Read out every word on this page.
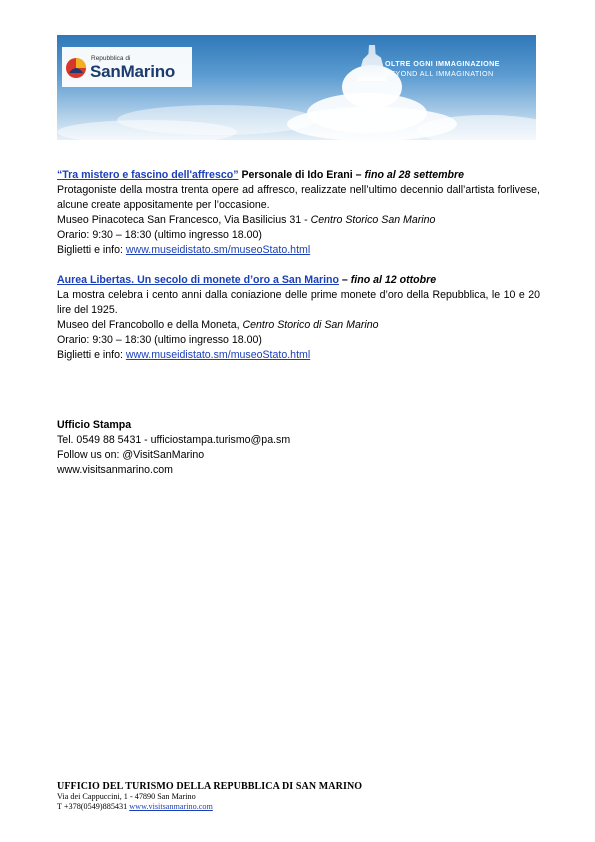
Repubblica di
SanMarino	OLTRE OGNI IMMAGINAZIONE
BEYOND ALL IMMAGINATION

“Tra mistero e fascino dell'affresco” Personale di Ido Erani – fino al 28 settembre

Protagoniste della mostra trenta opere ad affresco, realizzate nell’ultimo decennio dall’artista forlivese, alcune create appositamente per l’occasione.

Museo Pinacoteca San Francesco, Via Basilicius 31 - Centro Storico San Marino

Orario: 9:30 – 18:30 (ultimo ingresso 18.00)

Biglietti e info: www.museidistato.sm/museoStato.html

Aurea Libertas. Un secolo di monete d’oro a San Marino – fino al 12 ottobre

La mostra celebra i cento anni dalla coniazione delle prime monete d’oro della Repubblica, le 10 e 20 lire del 1925.

Museo del Francobollo e della Moneta, Centro Storico di San Marino

Orario: 9:30 – 18:30 (ultimo ingresso 18.00)

Biglietti e info: www.museidistato.sm/museoStato.html

Ufficio Stampa

Tel. 0549 88 5431 - ufficiostampa.turismo@pa.sm

Follow us on: @VisitSanMarino

www.visitsanmarino.com

UFFICIO DEL TURISMO DELLA REPUBBLICA DI SAN MARINO
Via dei Cappuccini, 1 - 47890 San Marino
T +378(0549)885431 www.visitsanmarino.com
